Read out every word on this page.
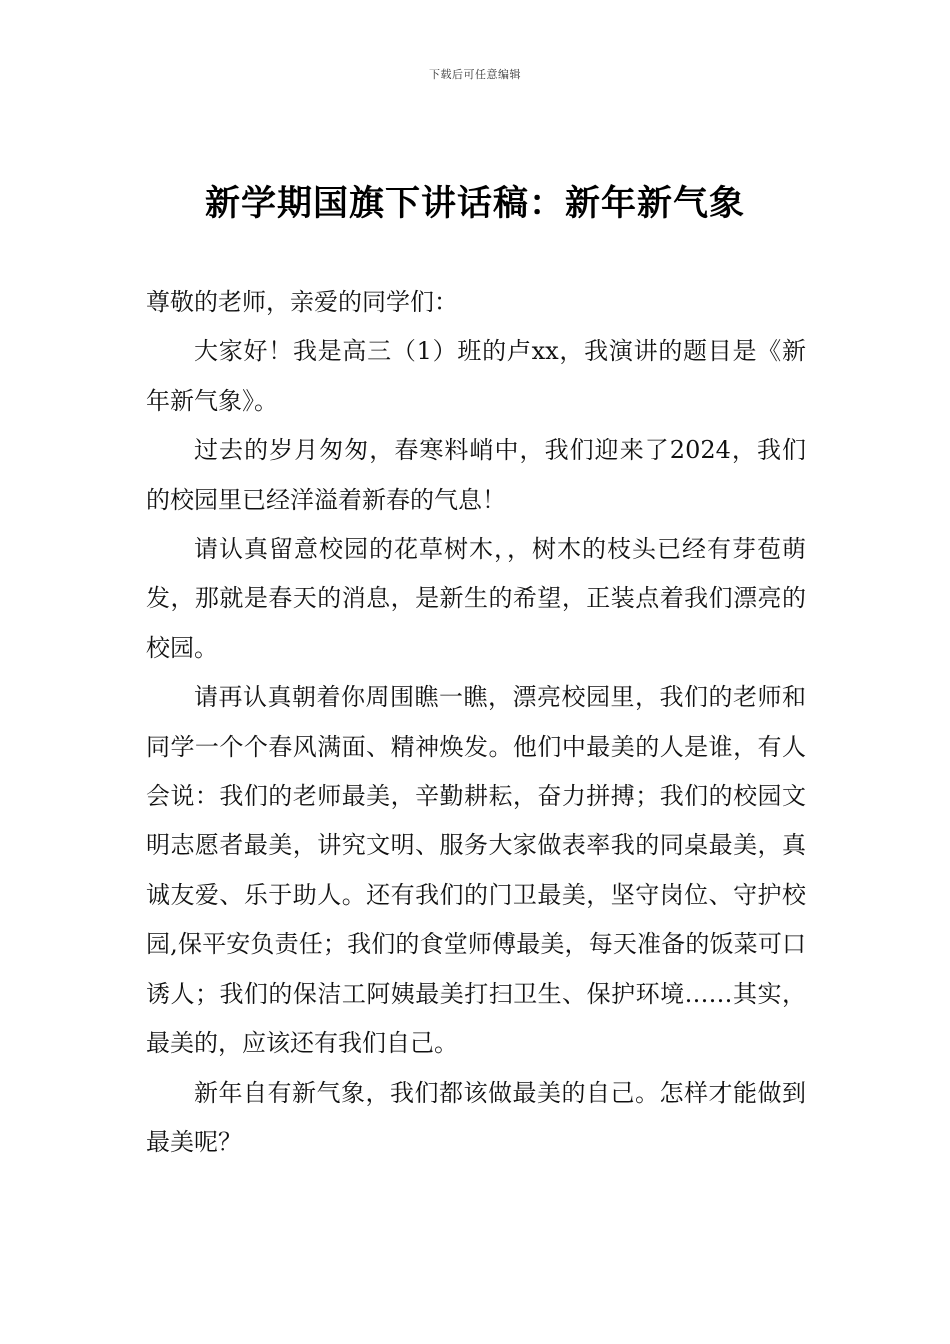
下载后可任意编辑
新学期国旗下讲话稿：新年新气象

尊敬的老师，亲爱的同学们：

大家好！我是高三（1）班的卢xx，我演讲的题目是《新年新气象》。

过去的岁月匆匆，春寒料峭中，我们迎来了2024，我们的校园里已经洋溢着新春的气息！

请认真留意校园的花草树木，，树木的枝头已经有芽苞萌发，那就是春天的消息，是新生的希望，正装点着我们漂亮的校园。

请再认真朝着你周围瞧一瞧，漂亮校园里，我们的老师和同学一个个春风满面、精神焕发。他们中最美的人是谁，有人会说：我们的老师最美，辛勤耕耘，奋力拼搏；我们的校园文明志愿者最美，讲究文明、服务大家做表率我的同桌最美，真诚友爱、乐于助人。还有我们的门卫最美，坚守岗位、守护校园,保平安负责任；我们的食堂师傅最美，每天准备的饭菜可口诱人；我们的保洁工阿姨最美打扫卫生、保护环境……其实，最美的，应该还有我们自己。

新年自有新气象，我们都该做最美的自己。怎样才能做到最美呢？
